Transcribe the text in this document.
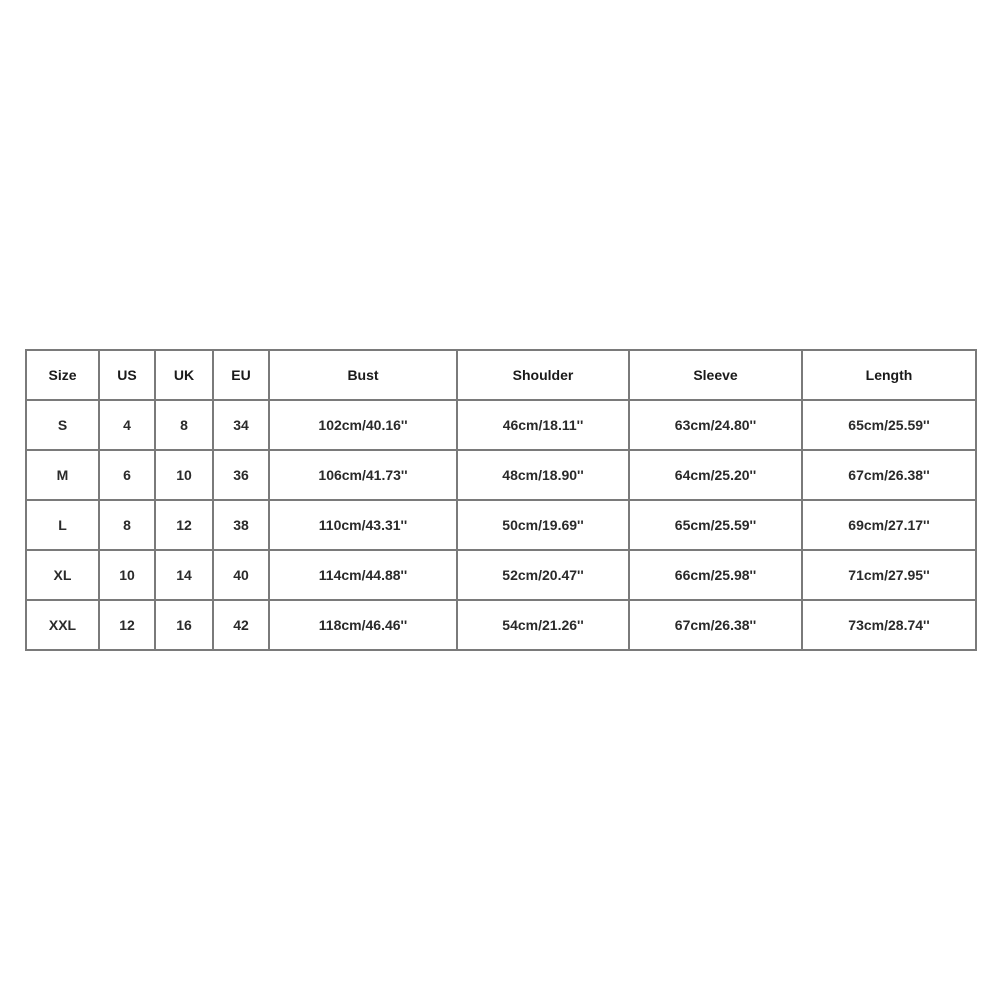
Size	US	UK	EU	Bust	Shoulder	Sleeve	Length
S	4	8	34	102cm/40.16''	46cm/18.11''	63cm/24.80''	65cm/25.59''
M	6	10	36	106cm/41.73''	48cm/18.90''	64cm/25.20''	67cm/26.38''
L	8	12	38	110cm/43.31''	50cm/19.69''	65cm/25.59''	69cm/27.17''
XL	10	14	40	114cm/44.88''	52cm/20.47''	66cm/25.98''	71cm/27.95''
XXL	12	16	42	118cm/46.46''	54cm/21.26''	67cm/26.38''	73cm/28.74''
